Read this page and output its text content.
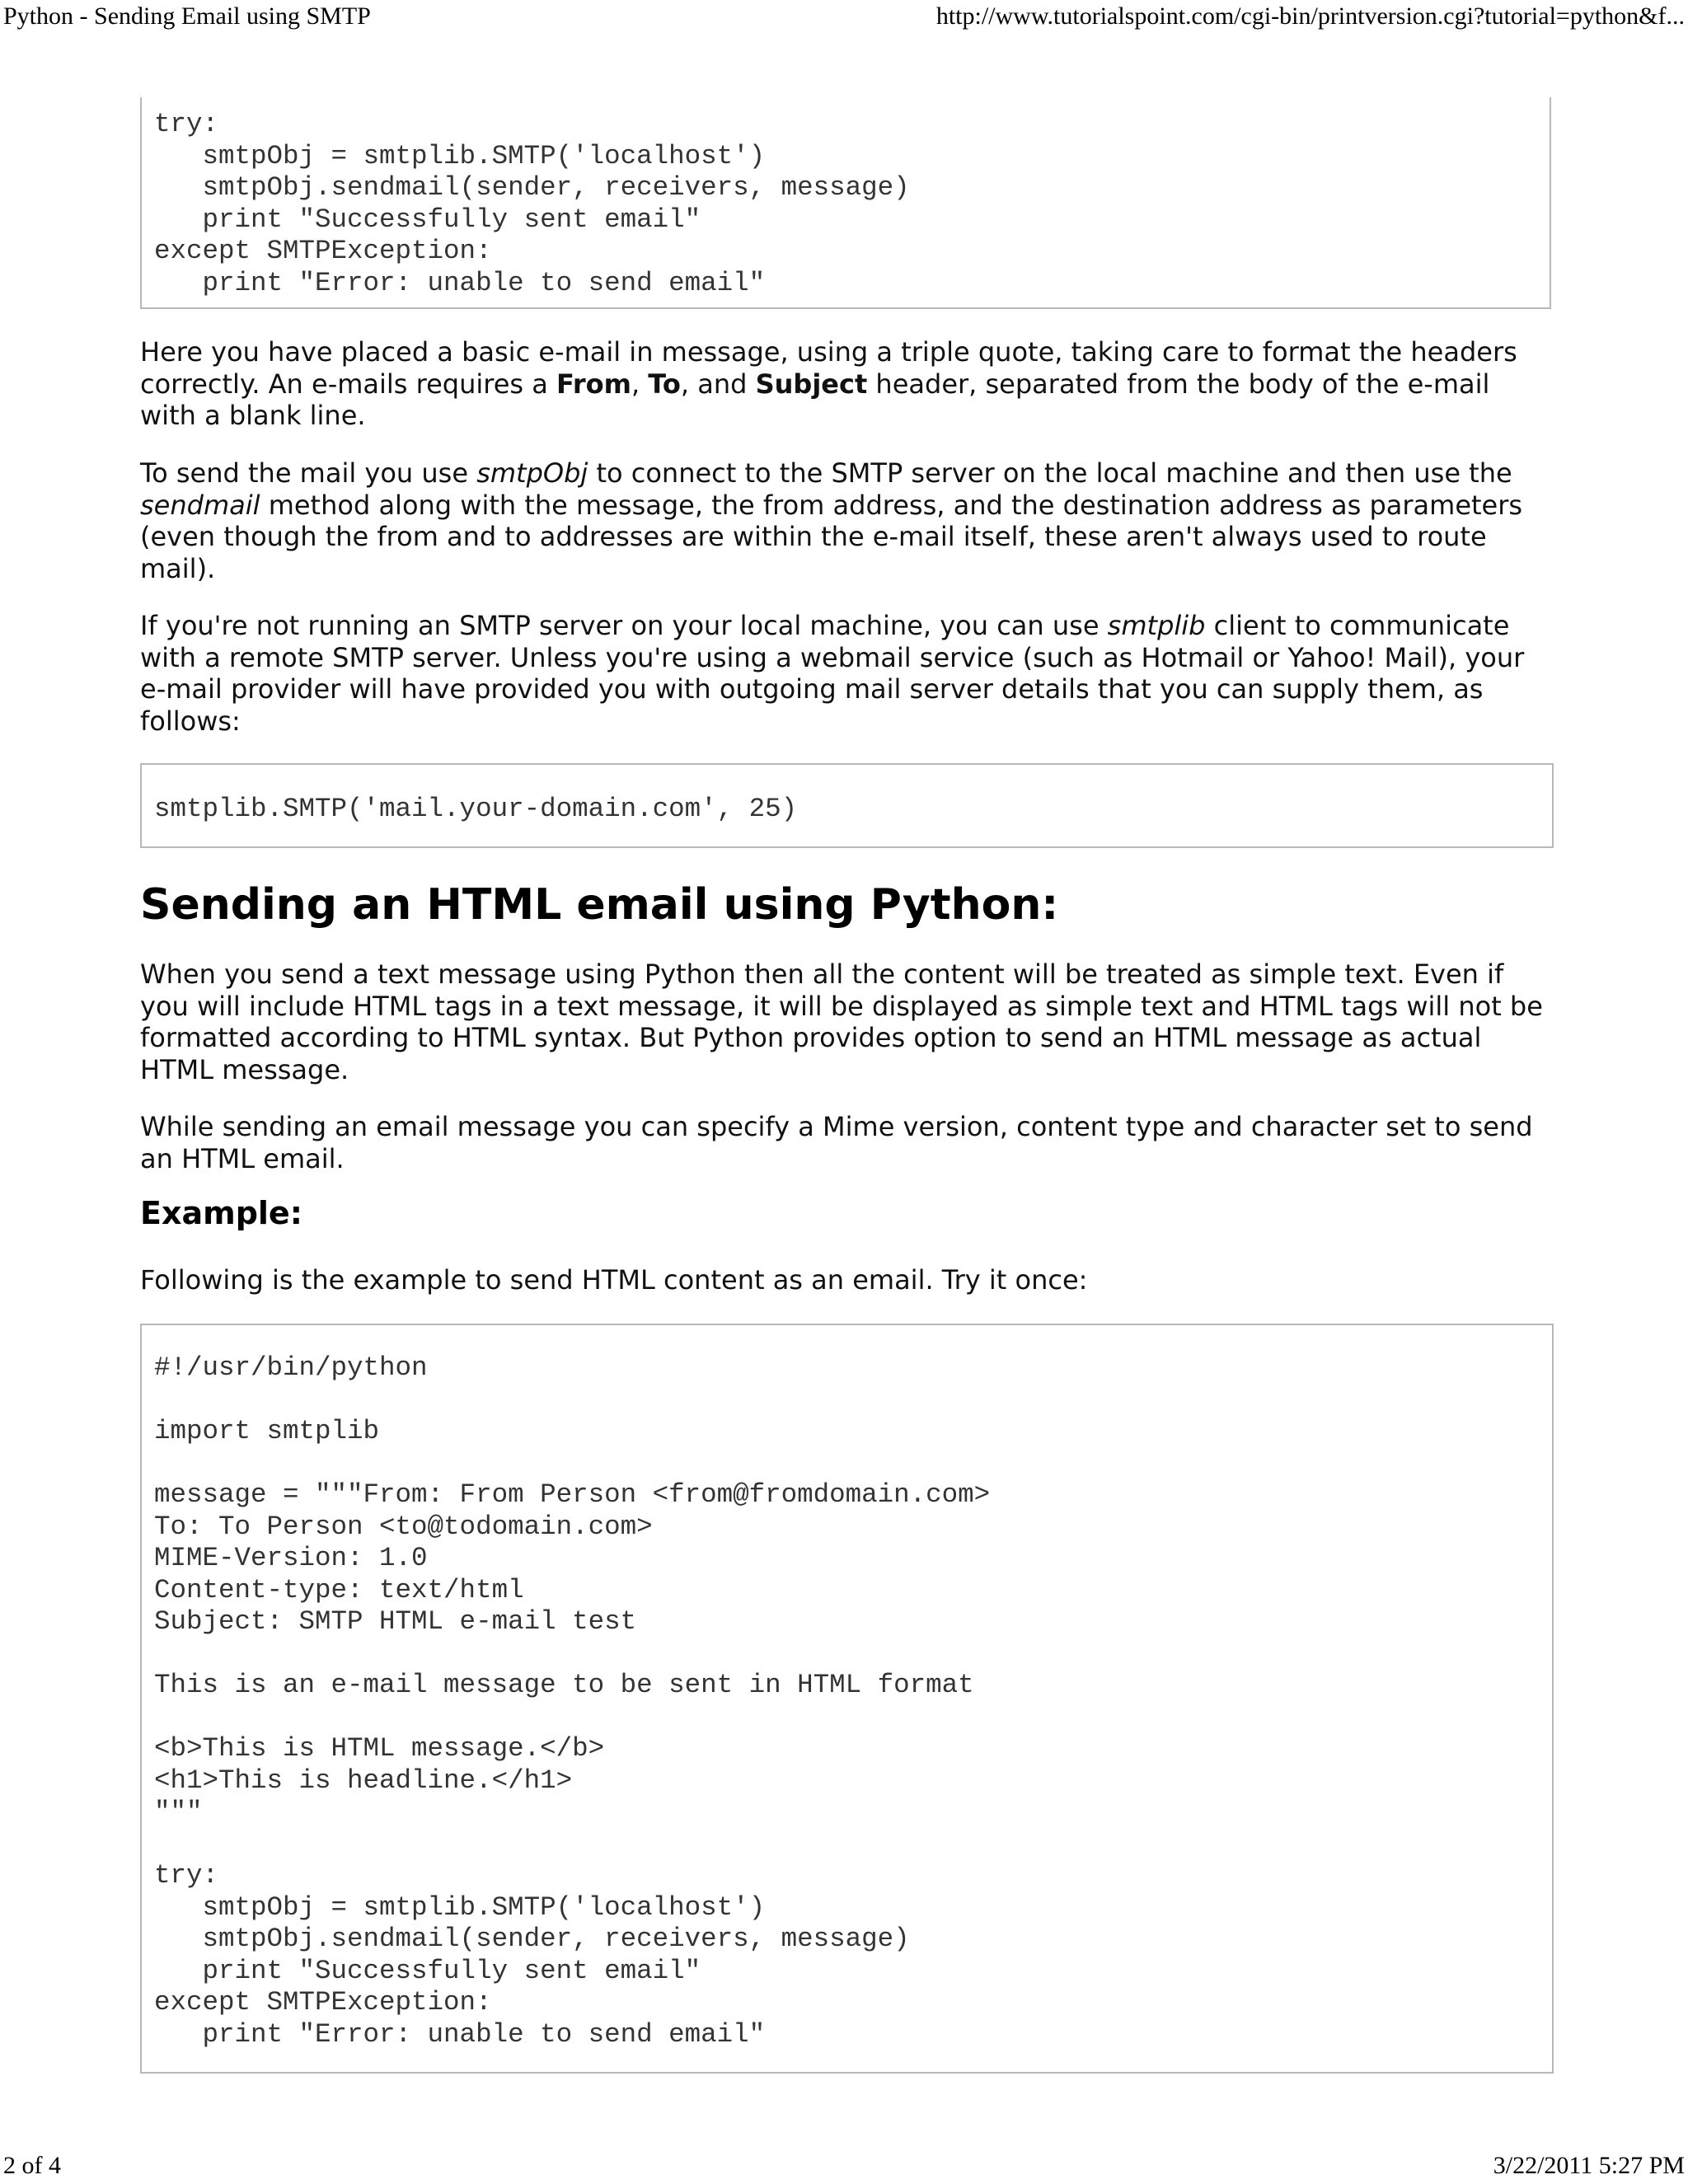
Python - Sending Email using SMTP	http://www.tutorialspoint.com/cgi-bin/printversion.cgi?tutorial=python&f...
try:
smtpObj = smtplib.SMTP('localhost')
smtpObj.sendmail(sender, receivers, message)
print "Successfully sent email"
except SMTPException:
print "Error: unable to send email"

Here you have placed a basic e-mail in message, using a triple quote, taking care to format the headers correctly. An e-mails requires a From, To, and Subject header, separated from the body of the e-mail with a blank line.

To send the mail you use smtpObj to connect to the SMTP server on the local machine and then use the sendmail method along with the message, the from address, and the destination address as parameters (even though the from and to addresses are within the e-mail itself, these aren't always used to route mail).

If you're not running an SMTP server on your local machine, you can use smtplib client to communicate with a remote SMTP server. Unless you're using a webmail service (such as Hotmail or Yahoo! Mail), your e-mail provider will have provided you with outgoing mail server details that you can supply them, as follows:

smtplib.SMTP('mail.your-domain.com', 25)
Sending an HTML email using Python:

When you send a text message using Python then all the content will be treated as simple text. Even if you will include HTML tags in a text message, it will be displayed as simple text and HTML tags will not be formatted according to HTML syntax. But Python provides option to send an HTML message as actual HTML message.

While sending an email message you can specify a Mime version, content type and character set to send an HTML email.

Example:

Following is the example to send HTML content as an email. Try it once:

#!/usr/bin/python

import smtplib

message = """From: From Person <from@fromdomain.com>
To: To Person <to@todomain.com>
MIME-Version: 1.0
Content-type: text/html
Subject: SMTP HTML e-mail test

This is an e-mail message to be sent in HTML format

<b>This is HTML message.</b>
<h1>This is headline.</h1>
"""

try:
smtpObj = smtplib.SMTP('localhost')
smtpObj.sendmail(sender, receivers, message)
print "Successfully sent email"
except SMTPException:
print "Error: unable to send email"
2 of 4	3/22/2011 5:27 PM
